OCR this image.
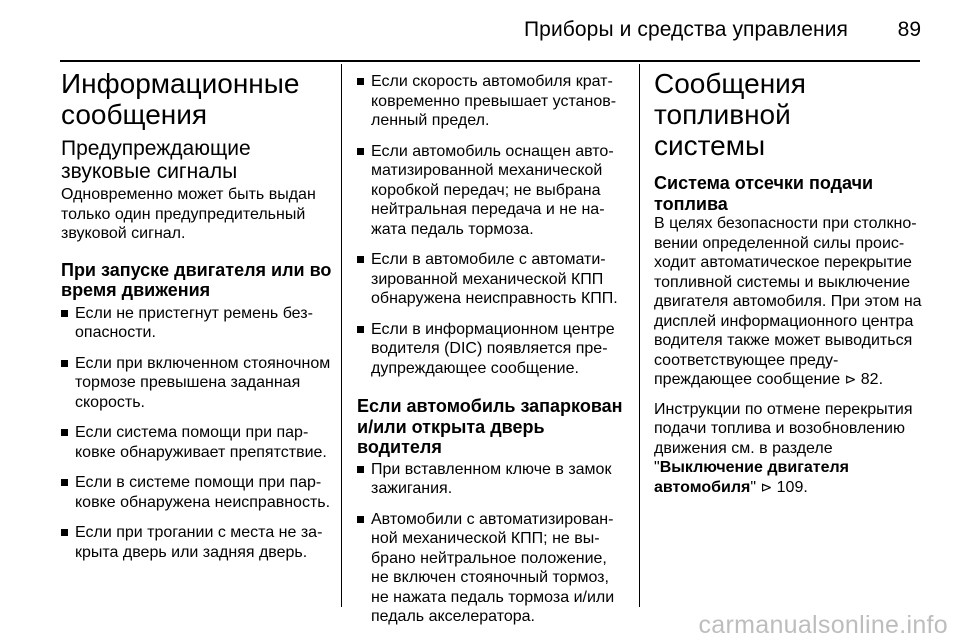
Приборы и средства управления 89
Информационные
сообщения
Предупреждающие
звуковые сигналы

Одновременно может быть выдан только один предупредительный звуковой сигнал.

При запуске двигателя или во
время движения
Если не пристегнут ремень безопасности.
Если при включенном стояночном тормозе превышена заданная скорость.
Если система помощи при парковке обнаруживает препятствие.
Если в системе помощи при парковке обнаружена неисправность.
Если при трогании с места не закрыта дверь или задняя дверь.
Если скорость автомобиля кратковременно превышает установленный предел.
Если автомобиль оснащен автоматизированной механической коробкой передач; не выбрана нейтральная передача и не нажата педаль тормоза.
Если в автомобиле с автоматизированной механической КПП обнаружена неисправность КПП.
Если в информационном центре водителя (DIC) появляется предупреждающее сообщение.
Если автомобиль запаркован
и/или открыта дверь водителя
При вставленном ключе в замок зажигания.
Автомобили с автоматизированной механической КПП; не выбрано нейтральное положение, не включен стояночный тормоз, не нажата педаль тормоза и/или педаль акселератора.
Сообщения топливной
системы
Система отсечки подачи
топлива

В целях безопасности при столкновении определенной силы происходит автоматическое перекрытие топливной системы и выключение двигателя автомобиля. При этом на дисплей информационного центра водителя также может выводиться соответствующее предупреждающее сообщение ⊳ 82.

Инструкции по отмене перекрытия подачи топлива и возобновлению движения см. в разделе "Выключение двигателя автомобиля" ⊳ 109.

carmanualsonline.info
